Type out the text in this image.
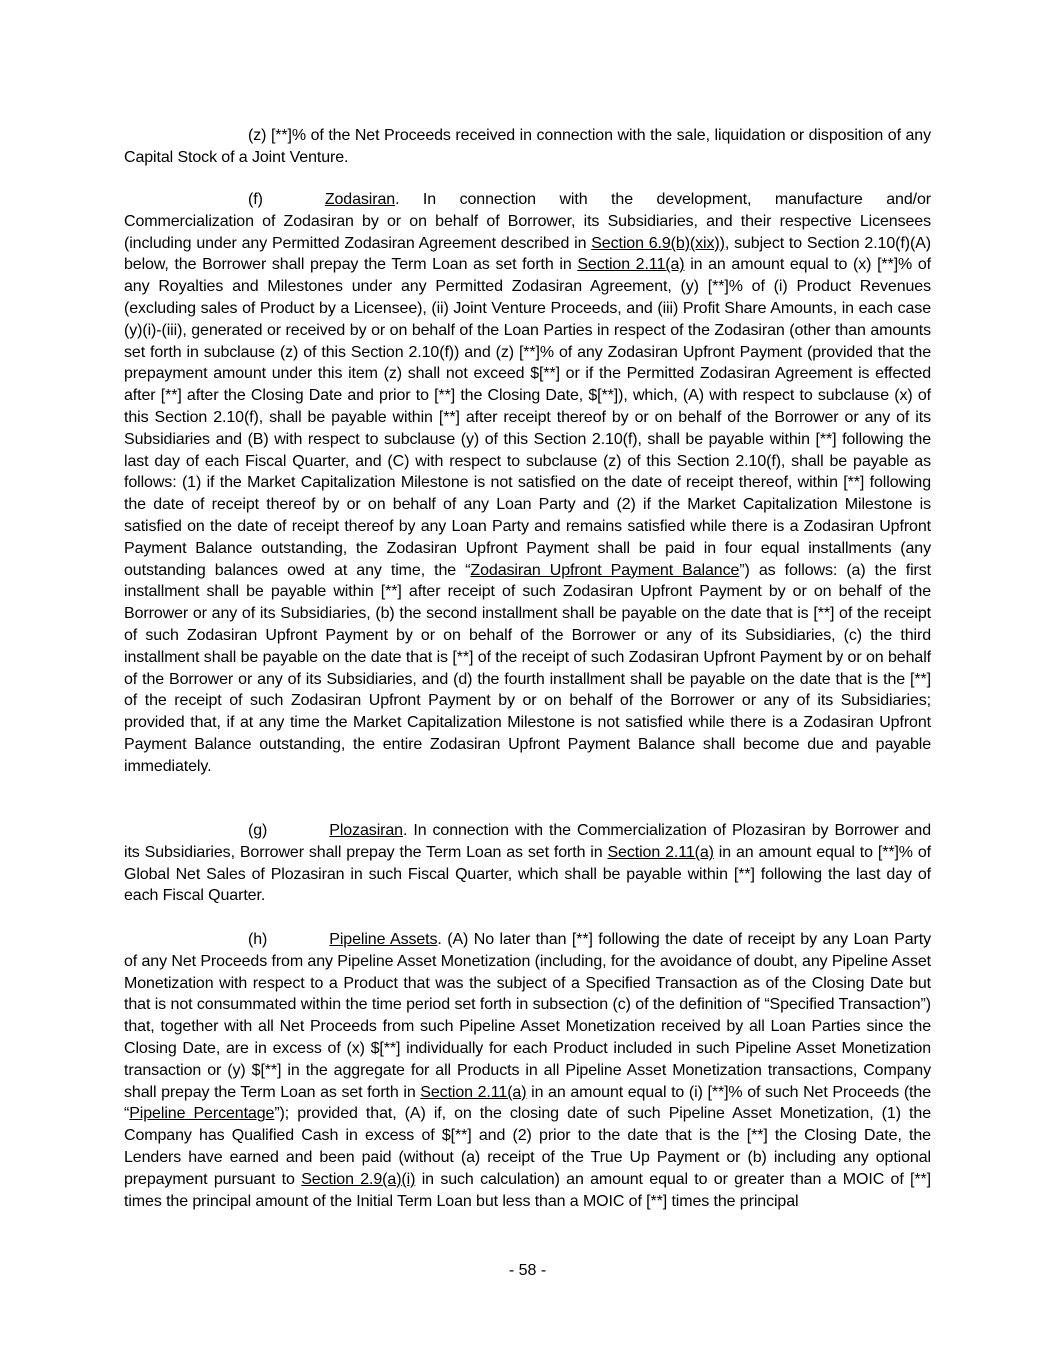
(z) [**]% of the Net Proceeds received in connection with the sale, liquidation or disposition of any Capital Stock of a Joint Venture.

(f)	Zodasiran. In connection with the development, manufacture and/or Commercialization of Zodasiran by or on behalf of Borrower, its Subsidiaries, and their respective Licensees (including under any Permitted Zodasiran Agreement described in Section 6.9(b)(xix)), subject to Section 2.10(f)(A) below, the Borrower shall prepay the Term Loan as set forth in Section 2.11(a) in an amount equal to (x) [**]% of any Royalties and Milestones under any Permitted Zodasiran Agreement, (y) [**]% of (i) Product Revenues (excluding sales of Product by a Licensee), (ii) Joint Venture Proceeds, and (iii) Profit Share Amounts, in each case (y)(i)-(iii), generated or received by or on behalf of the Loan Parties in respect of the Zodasiran (other than amounts set forth in subclause (z) of this Section 2.10(f)) and (z) [**]% of any Zodasiran Upfront Payment (provided that the prepayment amount under this item (z) shall not exceed $[**] or if the Permitted Zodasiran Agreement is effected after [**] after the Closing Date and prior to [**] the Closing Date, $[**]), which, (A) with respect to subclause (x) of this Section 2.10(f), shall be payable within [**] after receipt thereof by or on behalf of the Borrower or any of its Subsidiaries and (B) with respect to subclause (y) of this Section 2.10(f), shall be payable within [**] following the last day of each Fiscal Quarter, and (C) with respect to subclause (z) of this Section 2.10(f), shall be payable as follows: (1) if the Market Capitalization Milestone is not satisfied on the date of receipt thereof, within [**] following the date of receipt thereof by or on behalf of any Loan Party and (2) if the Market Capitalization Milestone is satisfied on the date of receipt thereof by any Loan Party and remains satisfied while there is a Zodasiran Upfront Payment Balance outstanding, the Zodasiran Upfront Payment shall be paid in four equal installments (any outstanding balances owed at any time, the “Zodasiran Upfront Payment Balance”) as follows: (a) the first installment shall be payable within [**] after receipt of such Zodasiran Upfront Payment by or on behalf of the Borrower or any of its Subsidiaries, (b) the second installment shall be payable on the date that is [**] of the receipt of such Zodasiran Upfront Payment by or on behalf of the Borrower or any of its Subsidiaries, (c) the third installment shall be payable on the date that is [**] of the receipt of such Zodasiran Upfront Payment by or on behalf of the Borrower or any of its Subsidiaries, and (d) the fourth installment shall be payable on the date that is the [**] of the receipt of such Zodasiran Upfront Payment by or on behalf of the Borrower or any of its Subsidiaries; provided that, if at any time the Market Capitalization Milestone is not satisfied while there is a Zodasiran Upfront Payment Balance outstanding, the entire Zodasiran Upfront Payment Balance shall become due and payable immediately.

(g)	Plozasiran. In connection with the Commercialization of Plozasiran by Borrower and its Subsidiaries, Borrower shall prepay the Term Loan as set forth in Section 2.11(a) in an amount equal to [**]% of Global Net Sales of Plozasiran in such Fiscal Quarter, which shall be payable within [**] following the last day of each Fiscal Quarter.

(h)	Pipeline Assets. (A) No later than [**] following the date of receipt by any Loan Party of any Net Proceeds from any Pipeline Asset Monetization (including, for the avoidance of doubt, any Pipeline Asset Monetization with respect to a Product that was the subject of a Specified Transaction as of the Closing Date but that is not consummated within the time period set forth in subsection (c) of the definition of “Specified Transaction”) that, together with all Net Proceeds from such Pipeline Asset Monetization received by all Loan Parties since the Closing Date, are in excess of (x) $[**] individually for each Product included in such Pipeline Asset Monetization transaction or (y) $[**] in the aggregate for all Products in all Pipeline Asset Monetization transactions, Company shall prepay the Term Loan as set forth in Section 2.11(a) in an amount equal to (i) [**]% of such Net Proceeds (the “Pipeline Percentage”); provided that, (A) if, on the closing date of such Pipeline Asset Monetization, (1) the Company has Qualified Cash in excess of $[**] and (2) prior to the date that is the [**] the Closing Date, the Lenders have earned and been paid (without (a) receipt of the True Up Payment or (b) including any optional prepayment pursuant to Section 2.9(a)(i) in such calculation) an amount equal to or greater than a MOIC of [**] times the principal amount of the Initial Term Loan but less than a MOIC of [**] times the principal

- 58 -
